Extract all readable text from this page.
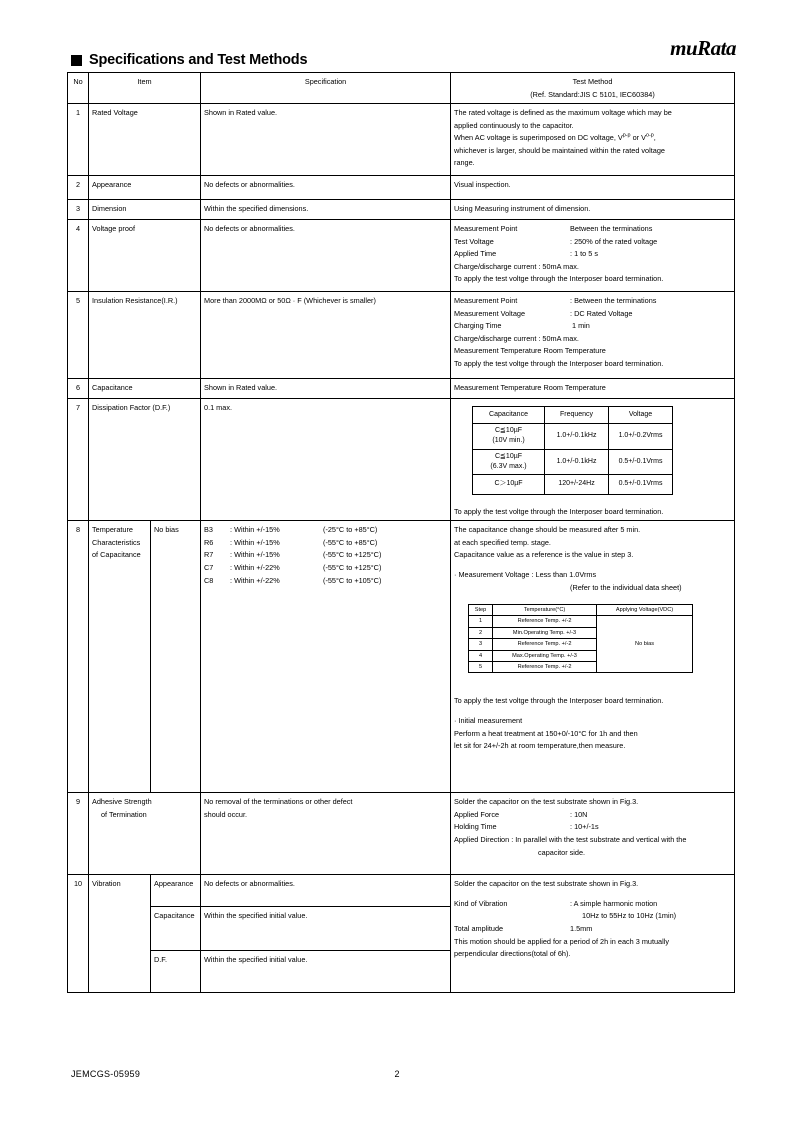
muRata
Specifications and Test Methods
No	Item	Specification	Test Method
(Ref. Standard:JIS C 5101, IEC60384)

1	Rated Voltage	Shown in Rated value.	The rated voltage is defined as the maximum voltage which may be
applied continuously to the capacitor.
When AC voltage is superimposed on DC voltage, $V^{p-p}$ or $V^{o-p}$,
whichever is larger, should be maintained within the rated voltage
range.

2	Appearance	No defects or abnormalities.	Visual inspection.
3	Dimension	Within the specified dimensions.	Using Measuring instrument of dimension.
4	Voltage proof	No defects or abnormalities.	Measurement Point	Between the terminations
Test Voltage	: 250% of the rated voltage
Applied Time	: 1 to 5 s
Charge/discharge current : 50mA max.
To apply the test voltge through the Interposer board termination.

5	Insulation Resistance(I.R.)	More than 2000MΩ or 50Ω · F (Whichever is smaller)	Measurement Point	: Between the terminations
Measurement Voltage	: DC Rated Voltage
Charging Time	1 min
Charge/discharge current : 50mA max.
Measurement Temperature Room Temperature
To apply the test voltge through the Interposer board termination.

6	Capacitance	Shown in Rated value.	Measurement Temperature Room Temperature
7	Dissipation Factor (D.F.)	0.1 max.	
Capacitance	Frequency	Voltage

C≦10µF
(10V min.)
	1.0+/-0.1kHz	1.0+/-0.2Vrms

C≦10µF
(6.3V max.)
	1.0+/-0.1kHz	0.5+/-0.1Vrms
C＞10µF	120+/-24Hz	0.5+/-0.1Vrms
To apply the test voltge through the Interposer board termination.

8	Temperature
Characteristics
of Capacitance
	No bias	B3 : Within +/-15%	(-25°C to +85°C)
R6 : Within +/-15%	(-55°C to +85°C)
R7 : Within +/-15%	(-55°C to +125°C)
C7 : Within +/-22%	(-55°C to +125°C)
C8 : Within +/-22%	(-55°C to +105°C)

The capacitance change should be measured after 5 min.
at each specified temp. stage.
Capacitance value as a reference is the value in step 3.
· Measurement Voltage : Less than 1.0Vrms
(Refer to the individual data sheet)
Step	Temperature(°C)	Applying Voltage(VDC)
1	Reference Temp. +/-2	No bias
2	Min.Operating Temp. +/-3
3	Reference Temp. +/-2
4	Max.Operating Temp. +/-3
5	Reference Temp. +/-2
To apply the test voltge through the Interposer board termination.
· Initial measurement
Perform a heat treatment at 150+0/-10°C for 1h and then
let sit for 24+/-2h at room temperature,then measure.

9	Adhesive Strength
of Termination

No removal of the terminations or other defect
should occur.

Solder the capacitor on the test substrate shown in Fig.3.
Applied Force	: 10N
Holding Time	: 10+/-1s
Applied Direction : In parallel with the test substrate and vertical with the
capacitor side.

10	Vibration	Appearance	No defects or abnormalities.	Solder the capacitor on the test substrate shown in Fig.3.
Kind of Vibration	: A simple harmonic motion
10Hz to 55Hz to 10Hz (1min)
Total amplitude	1.5mm
This motion should be applied for a period of 2h in each 3 mutually
perpendicular directions(total of 6h).

Capacitance	Within the specified initial value.
D.F.	Within the specified initial value.
JEMCGS-05959	2
